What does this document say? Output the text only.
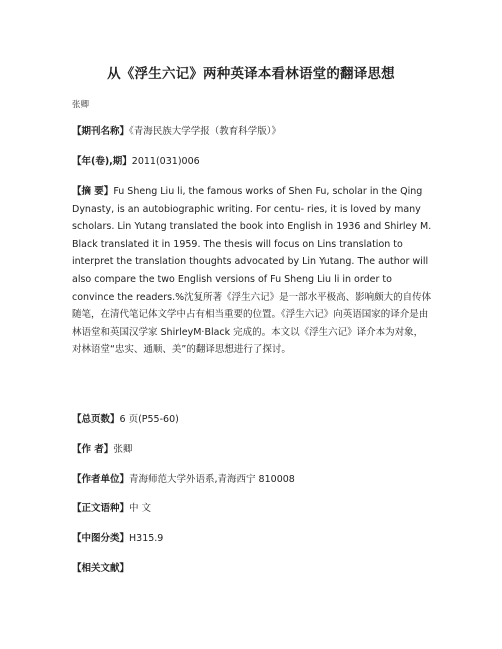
从《浮生六记》两种英译本看林语堂的翻译思想
张卿
【期刊名称】《青海民族大学学报（教育科学版）》
【年(卷),期】2011(031)006
【摘 要】Fu Sheng Liu li, the famous works of Shen Fu, scholar in the Qing Dynasty, is an autobiographic writing. For centu- ries, it is loved by many scholars. Lin Yutang translated the book into English in 1936 and Shirley M. Black translated it in 1959. The thesis will focus on Lins translation to interpret the translation thoughts advocated by Lin Yutang. The author will also compare the two English versions of Fu Sheng Liu li in order to convince the readers.%沈复所著《浮生六记》是一部水平极高、影响颇大的自传体随笔，在清代笔记体文学中占有相当重要的位置。《浮生六记》向英语国家的译介是由林语堂和英国汉学家 ShirleyM·Black 完成的。本文以《浮生六记》译介本为对象，对林语堂“忠实、通顺、美”的翻译思想进行了探讨。
【总页数】6 页(P55-60)
【作 者】张卿
【作者单位】青海师范大学外语系,青海西宁 810008
【正文语种】中 文
【中图分类】H315.9
【相关文献】
